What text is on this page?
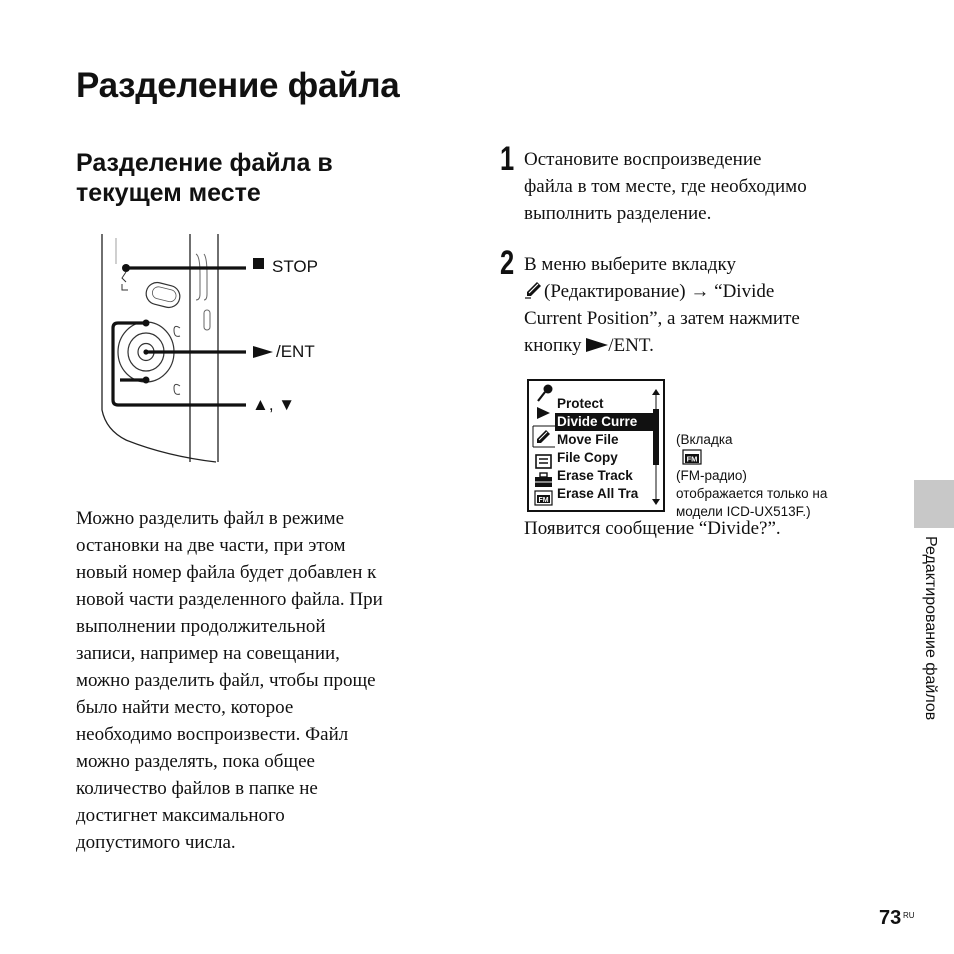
Разделение файла
Разделение файла в текущем месте
STOP
/ENT
▲, ▼
Можно разделить файл в режиме
остановки на две части, при этом
новый номер файла будет добавлен к
новой части разделенного файла. При
выполнении продолжительной
записи, например на совещании,
можно разделить файл, чтобы проще
было найти место, которое
необходимо воспроизвести. Файл
можно разделять, пока общее
количество файлов в папке не
достигнет максимального
допустимого числа.
1 Остановите воспроизведение
файла в том месте, где необходимо
выполнить разделение.
2 В меню выберите вкладку
(Редактирование) → “Divide
Current Position”, а затем нажмите
кнопку /ENT.
FM
Protect
Divide Curre
Move File
File Copy
Erase Track
Erase All Tra
(Вкладка
FM
(FM-радио)
отображается только на
модели ICD-UX513F.)
Появится сообщение “Divide?”.
Редактирование файлов
73 RU
